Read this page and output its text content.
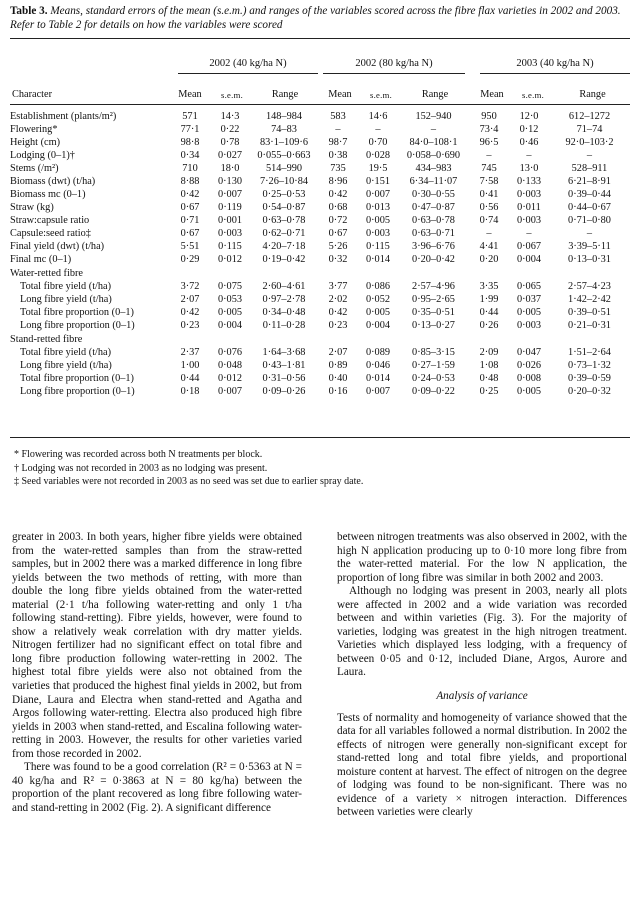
Table 3. Means, standard errors of the mean (s.e.m.) and ranges of the variables scored across the fibre flax varieties in 2002 and 2003. Refer to Table 2 for details on how the variables were scored
2002 (40 kg/ha N)	2002 (80 kg/ha N)	2003 (40 kg/ha N)
Character	Mean	s.e.m.	Range	Mean	s.e.m.	Range	Mean	s.e.m.	Range
Establishment (plants/m²)	571	14·3	148–984	583	14·6	152–940	950	12·0	612–1272
Flowering*	77·1	0·22	74–83	–	–	–	73·4	0·12	71–74
Height (cm)	98·8	0·78	83·1–109·6	98·7	0·70	84·0–108·1	96·5	0·46	92·0–103·2
Lodging (0–1)†	0·34	0·027	0·055–0·663	0·38	0·028	0·058–0·690	–	–	–
Stems (/m²)	710	18·0	514–990	735	19·5	434–983	745	13·0	528–911
Biomass (dwt) (t/ha)	8·88	0·130	7·26–10·84	8·96	0·151	6·34–11·07	7·58	0·133	6·21–8·91
Biomass mc (0–1)	0·42	0·007	0·25–0·53	0·42	0·007	0·30–0·55	0·41	0·003	0·39–0·44
Straw (kg)	0·67	0·119	0·54–0·87	0·68	0·013	0·47–0·87	0·56	0·011	0·44–0·67
Straw:capsule ratio	0·71	0·001	0·63–0·78	0·72	0·005	0·63–0·78	0·74	0·003	0·71–0·80
Capsule:seed ratio‡	0·67	0·003	0·62–0·71	0·67	0·003	0·63–0·71	–	–	–
Final yield (dwt) (t/ha)	5·51	0·115	4·20–7·18	5·26	0·115	3·96–6·76	4·41	0·067	3·39–5·11
Final mc (0–1)	0·29	0·012	0·19–0·42	0·32	0·014	0·20–0·42	0·20	0·004	0·13–0·31
Water-retted fibre									
Total fibre yield (t/ha)	3·72	0·075	2·60–4·61	3·77	0·086	2·57–4·96	3·35	0·065	2·57–4·23
Long fibre yield (t/ha)	2·07	0·053	0·97–2·78	2·02	0·052	0·95–2·65	1·99	0·037	1·42–2·42
Total fibre proportion (0–1)	0·42	0·005	0·34–0·48	0·42	0·005	0·35–0·51	0·44	0·005	0·39–0·51
Long fibre proportion (0–1)	0·23	0·004	0·11–0·28	0·23	0·004	0·13–0·27	0·26	0·003	0·21–0·31
Stand-retted fibre									
Total fibre yield (t/ha)	2·37	0·076	1·64–3·68	2·07	0·089	0·85–3·15	2·09	0·047	1·51–2·64
Long fibre yield (t/ha)	1·00	0·048	0·43–1·81	0·89	0·046	0·27–1·59	1·08	0·026	0·73–1·32
Total fibre proportion (0–1)	0·44	0·012	0·31–0·56	0·40	0·014	0·24–0·53	0·48	0·008	0·39–0·59
Long fibre proportion (0–1)	0·18	0·007	0·09–0·26	0·16	0·007	0·09–0·22	0·25	0·005	0·20–0·32
* Flowering was recorded across both N treatments per block.
† Lodging was not recorded in 2003 as no lodging was present.
‡ Seed variables were not recorded in 2003 as no seed was set due to earlier spray date.

greater in 2003. In both years, higher fibre yields were obtained from the water-retted samples than from the straw-retted samples, but in 2002 there was a marked difference in long fibre yields between the two methods of retting, with more than double the long fibre yields obtained from the water-retted material (2·1 t/ha following water-retting and only 1 t/ha following stand-retting). Fibre yields, however, were found to show a relatively weak correlation with dry matter yields. Nitrogen fertilizer had no significant effect on total fibre and long fibre production following water-retting in 2002. The highest total fibre yields were also not obtained from the varieties that produced the highest final yields in 2002, but from Diane, Laura and Electra when stand-retted and Agatha and Argos following water-retting. Electra also produced high fibre yields in 2003 when stand-retted, and Escalina following water-retting in 2003. However, the results for other varieties varied from those recorded in 2002.

There was found to be a good correlation (R² = 0·5363 at N = 40 kg/ha and R² = 0·3863 at N = 80 kg/ha) between the proportion of the plant recovered as long fibre following water- and stand-retting in 2002 (Fig. 2). A significant difference

between nitrogen treatments was also observed in 2002, with the high N application producing up to 0·10 more long fibre from the water-retted material. For the low N application, the proportion of long fibre was similar in both 2002 and 2003.

Although no lodging was present in 2003, nearly all plots were affected in 2002 and a wide variation was recorded between and within varieties (Fig. 3). For the majority of varieties, lodging was greatest in the high nitrogen treatment. Varieties which displayed less lodging, with a frequency of between 0·05 and 0·12, included Diane, Argos, Aurore and Laura.

Analysis of variance

Tests of normality and homogeneity of variance showed that the data for all variables followed a normal distribution. In 2002 the effects of nitrogen were generally non-significant except for stand-retted long and total fibre yields, and proportional moisture content at harvest. The effect of nitrogen on the degree of lodging was found to be non-significant. There was no evidence of a variety × nitrogen interaction. Differences between varieties were clearly
